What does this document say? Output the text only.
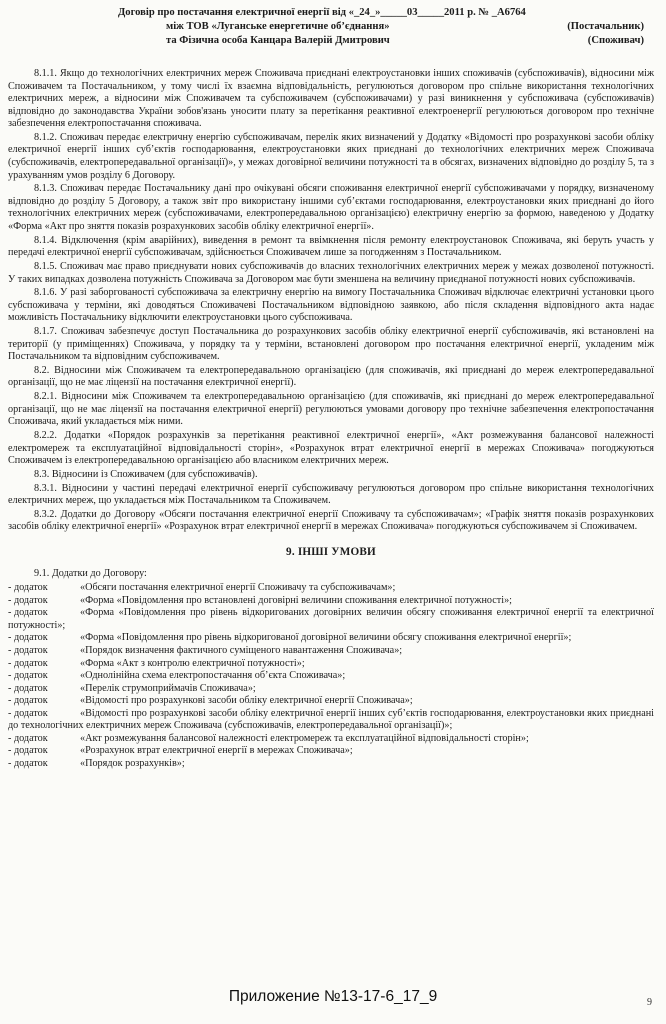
Договір про постачання електричної енергії від «_24_»_____03_____2011 р. № _А6764
між ТОВ «Луганське енергетичне об’єднання»	(Постачальник)
та Фізична особа Канцара Валерій Дмитрович	(Споживач)

8.1.1. Якщо до технологічних електричних мереж Споживача приєднані електроустановки інших споживачів (субспоживачів), відносини між Споживачем та Постачальником, у тому числі їх взаємна відповідальність, регулюються договором про спільне використання технологічних електричних мереж, а відносини між Споживачем та субспоживачем (субспоживачами) у разі виникнення у субспоживача (субспоживачів) відповідно до законодавства України зобов'язань уносити плату за перетікання реактивної електроенергії регулюються договором про технічне забезпечення електропостачання споживача.

8.1.2. Споживач передає електричну енергію субспоживачам, перелік яких визначений у Додатку «Відомості про розрахункові засоби обліку електричної енергії інших суб’єктів господарювання, електроустановки яких приєднані до технологічних електричних мереж Споживача (субспоживачів, електропередавальної організації)», у межах договірної величини потужності та в обсягах, визначених відповідно до розділу 5, та з урахуванням умов розділу 6 Договору.

8.1.3. Споживач передає Постачальнику дані про очікувані обсяги споживання електричної енергії субспоживачами у порядку, визначеному відповідно до розділу 5 Договору, а також звіт про використану іншими суб’єктами господарювання, електроустановки яких приєднані до його технологічних електричних мереж (субспоживачами, електропередавальною організацією) електричну енергію за формою, наведеною у Додатку «Форма «Акт про зняття показів розрахункових засобів обліку електричної енергії».

8.1.4. Відключення (крім аварійних), виведення в ремонт та ввімкнення після ремонту електроустановок Споживача, які беруть участь у передачі електричної енергії субспоживачам, здійснюється Споживачем лише за погодженням з Постачальником.

8.1.5. Споживач має право приєднувати нових субспоживачів до власних технологічних електричних мереж у межах дозволеної потужності. У таких випадках дозволена потужність Споживача за Договором має бути зменшена на величину приєднаної потужності нових субспоживачів.

8.1.6. У разі заборгованості субспоживача за електричну енергію на вимогу Постачальника Споживач відключає електричні установки цього субспоживача у терміни, які доводяться Споживачеві Постачальником відповідною заявкою, або після складення відповідного акта надає можливість Постачальнику відключити електроустановки цього субспоживача.

8.1.7. Споживач забезпечує доступ Постачальника до розрахункових засобів обліку електричної енергії субспоживачів, які встановлені на території (у приміщеннях) Споживача, у порядку та у терміни, встановлені договором про постачання електричної енергії, укладеним між Постачальником та відповідним субспоживачем.

8.2. Відносини між Споживачем та електропередавальною організацією (для споживачів, які приєднані до мереж електропередавальної організації, що не має ліцензії на постачання електричної енергії).

8.2.1. Відносини між Споживачем та електропередавальною організацією (для споживачів, які приєднані до мереж електропередавальної організації, що не має ліцензії на постачання електричної енергії) регулюються умовами договору про технічне забезпечення електропостачання Споживача, який укладається між ними.

8.2.2. Додатки «Порядок розрахунків за перетікання реактивної електричної енергії», «Акт розмежування балансової належності електромереж та експлуатаційної відповідальності сторін», «Розрахунок втрат електричної енергії в мережах Споживача» погоджуються Споживачем із електропередавальною організацією або власником електричних мереж.

8.3. Відносини із Споживачем (для субспоживачів).

8.3.1. Відносини у частині передачі електричної енергії субспоживачу регулюються договором про спільне використання технологічних електричних мереж, що укладається між Постачальником та Споживачем.

8.3.2. Додатки до Договору «Обсяги постачання електричної енергії Споживачу та субспоживачам»; «Графік зняття показів розрахункових засобів обліку електричної енергії» «Розрахунок втрат електричної енергії в мережах Споживача» погоджуються субспоживачем зі Споживачем.

9. ІНШІ УМОВИ

9.1. Додатки до Договору:

- додаток	«Обсяги постачання електричної енергії Споживачу та субспоживачам»;
- додаток	«Форма «Повідомлення про встановлені договірні величини споживання електричної потужності»;
- додаток	«Форма «Повідомлення про рівень відкоригованих договірних величин обсягу споживання електричної енергії та електричної потужності»;
- додаток	«Форма «Повідомлення про рівень відкоригованої договірної величини обсягу споживання електричної енергії»;
- додаток	«Порядок визначення фактичного суміщеного навантаження Споживача»;
- додаток	«Форма «Акт з контролю електричної потужності»;
- додаток	«Однолінійна схема електропостачання об’єкта Споживача»;
- додаток	«Перелік струмоприймачів Споживача»;
- додаток	«Відомості про розрахункові засоби обліку електричної енергії Споживача»;
- додаток	«Відомості про розрахункові засоби обліку електричної енергії інших суб’єктів господарювання, електроустановки яких приєднані до технологічних електричних мереж Споживача (субспоживачів, електропередавальної організації)»;
- додаток	«Акт розмежування балансової належності електромереж та експлуатаційної відповідальності сторін»;
- додаток	«Розрахунок втрат електричної енергії в мережах Споживача»;
- додаток	«Порядок розрахунків»;
Приложение №13-17-6_17_9	9
